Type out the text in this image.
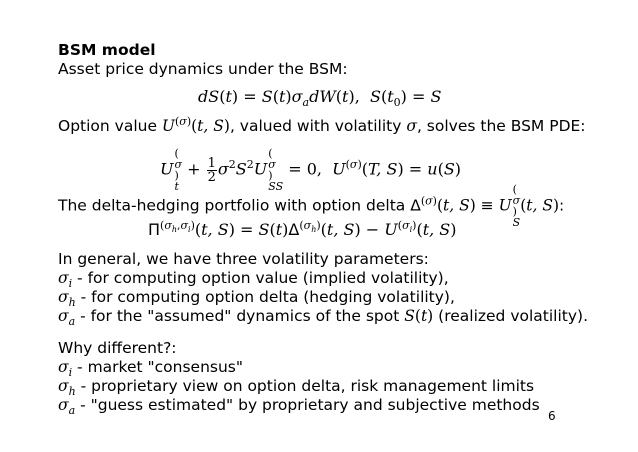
BSM model
Asset price dynamics under the BSM:
$dS(t) = S(t)\sigma_adW(t)$,  $S(t_0) = S$
Option value $U^{(\sigma)}(t$, S), valued with volatility σ, solves the BSM PDE:
U
(
σ
)
t
+ $\frac{1}{2} \sigma^2S^2U$
(
σ
)
SS
= 0,  $U^{(\sigma)}(T$, S) = u(S)
The delta-hedging portfolio with option delta $\Delta^{(\sigma)}(t$, S) ≡ U
(
σ
)
S
(t, S):
$\Pi^{(\sigma_h,\sigma_i)}(t$, $S) = S(t)\Delta^{(\sigma_h)}(t$, $S) - U^{(\sigma_i)}(t$, S)
In general, we have three volatility parameters:
$\sigma_i$ - for computing option value (implied volatility),
$\sigma_h$ - for computing option delta (hedging volatility),
$\sigma_a$ - for the "assumed" dynamics of the spot S(t) (realized volatility).
Why different?:
$\sigma_i$ - market "consensus"
$\sigma_h$ - proprietary view on option delta, risk management limits
$\sigma_a$ - "guess estimated" by proprietary and subjective methods
6
